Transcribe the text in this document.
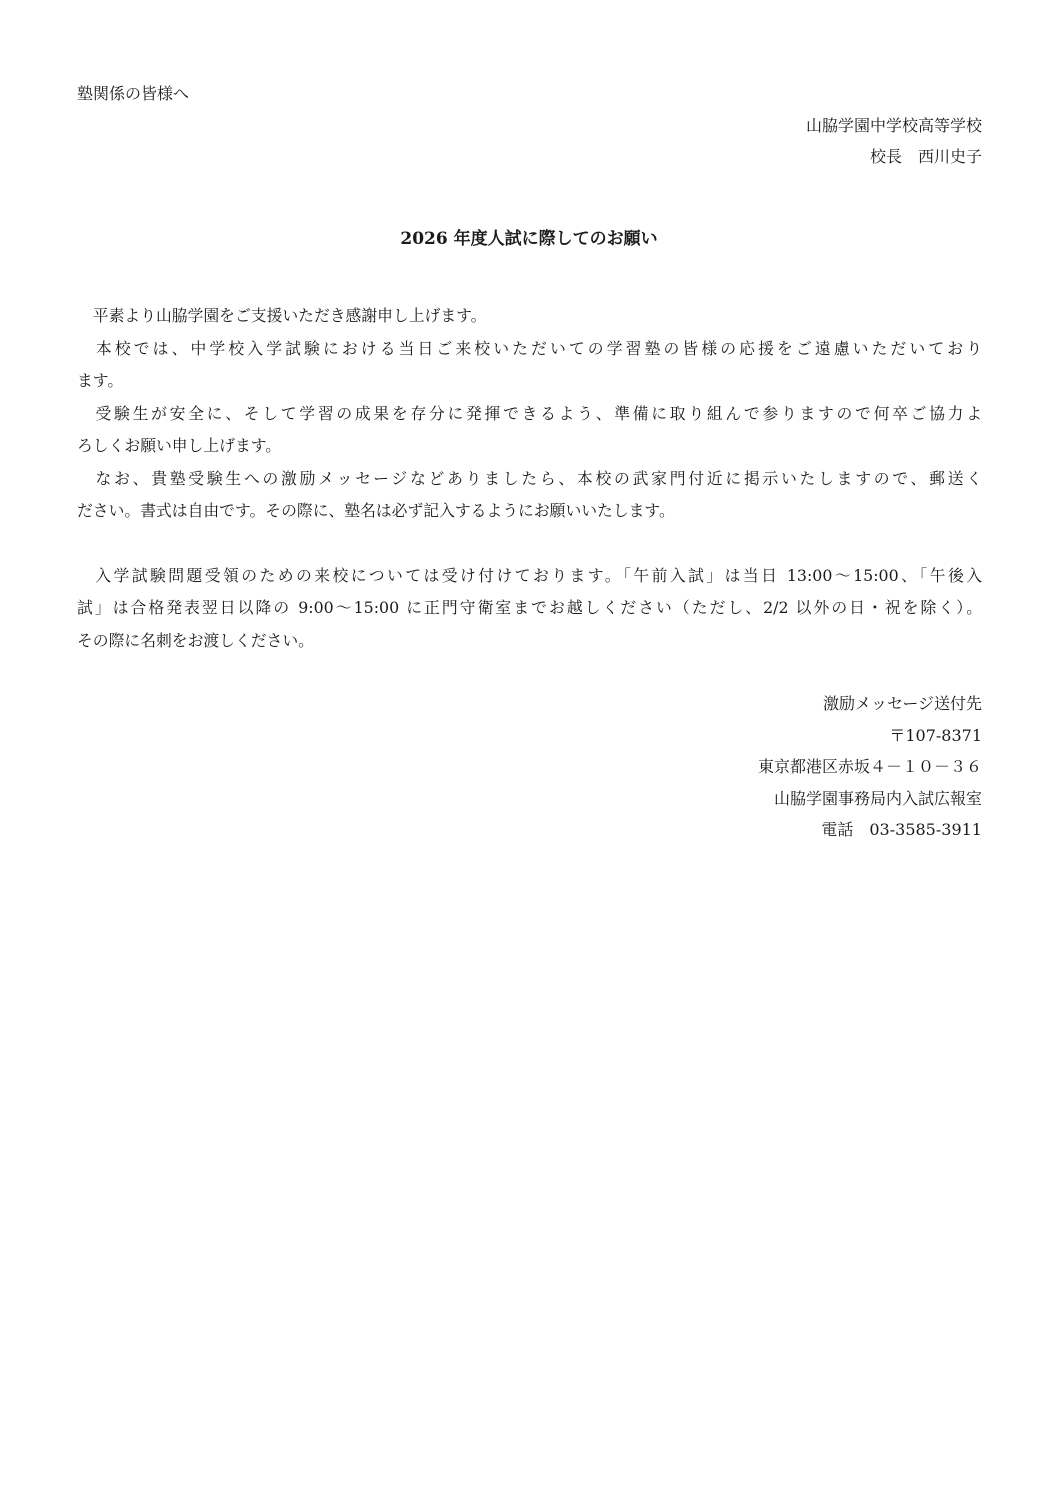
塾関係の皆様へ
山脇学園中学校高等学校
校長　西川史子
2026 年度人試に際してのお願い
　平素より山脇学園をご支援いただき感謝申し上げます。
　本校では、中学校入学試験における当日ご来校いただいての学習塾の皆様の応援をご遠慮いただいており
ます。
　受験生が安全に、そして学習の成果を存分に発揮できるよう、準備に取り組んで参りますので何卒ご協力よ
ろしくお願い申し上げます。
　なお、貴塾受験生への激励メッセージなどありましたら、本校の武家門付近に掲示いたしますので、郵送く
ださい。書式は自由です。その際に、塾名は必ず記入するようにお願いいたします。
　入学試験問題受領のための来校については受け付けております。「午前入試」は当日 13:00～15:00、「午後入
試」は合格発表翌日以降の 9:00～15:00 に正門守衛室までお越しください（ただし、2/2 以外の日・祝を除く）。
その際に名刺をお渡しください。
激励メッセージ送付先
〒107-8371
東京都港区赤坂４－１０－３６
山脇学園事務局内入試広報室
電話　03-3585‐3911
